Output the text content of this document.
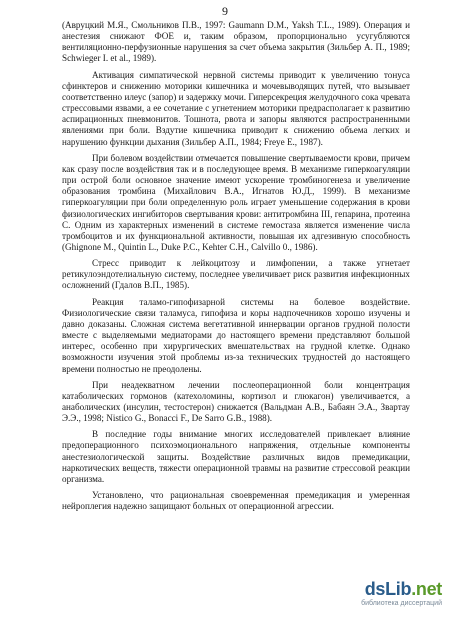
9

(Авруцкий М.Я., Смольников П.В., 1997: Gaumann D.M., Yaksh T.L., 1989). Операция и анестезия снижают ФОЕ и, таким образом, пропорционально усугубляются вентиляционно-перфузионные нарушения за счет объема закрытия (Зильбер А. П., 1989; Schwieger I. et al., 1989).

Активация симпатической нервной системы приводит к увеличению тонуса сфинктеров и снижению моторики кишечника и мочевыводящих путей, что вызывает соответственно илеус (запор) и задержку мочи. Гиперсекреция желудочного сока чревата стрессовыми язвами, а ее сочетание с угнетением моторики предрасполагает к развитию аспирационных пневмонитов. Тошнота, рвота и запоры являются распространенными явлениями при боли. Вздутие кишечника приводит к снижению объема легких и нарушению функции дыхания (Зильбер А.П., 1984; Freye E., 1987).

При болевом воздействии отмечается повышение свертываемости крови, причем как сразу после воздействия так и в последующее время. В механизме гиперкоагуляции при острой боли основное значение имеют ускорение тромбиногенеза и увеличение образования тромбина (Михайлович В.А., Игнатов Ю.Д., 1999). В механизме гиперкоагуляции при боли определенную роль играет уменьшение содержания в крови физиологических ингибиторов свертывания крови: антитромбина III, гепарина, протеина С. Одним из характерных изменений в системе гемостаза является изменение числа тромбоцитов и их функциональной активности, повышая их адгезивную способность (Ghignone M., Quintin L., Duke P.C., Kehter C.H., Calvillo 0., 1986).

Стресс приводит к лейкоцитозу и лимфопении, а также угнетает ретикулоэндотелиальную систему, последнее увеличивает риск развития инфекционных осложнений (Гдалов В.П., 1985).

Реакция таламо-гипофизарной системы на болевое воздействие. Физиологические связи таламуса, гипофиза и коры надпочечников хорошо изучены и давно доказаны. Сложная система вегетативной иннервации органов грудной полости вместе с выделяемыми медиаторами до настоящего времени представляют большой интерес, особенно при хирургических вмешательствах на грудной клетке. Однако возможности изучения этой проблемы из-за технических трудностей до настоящего времени полностью не преодолены.

При неадекватном лечении послеоперационной боли концентрация катаболических гормонов (катехоломины, кортизол и глюкагон) увеличивается, а анаболических (инсулин, тестостерон) снижается (Вальдман А.В., Бабаян Э.А., Звартау Э.Э., 1998; Nistico G., Bonacci F., De Sarro G.B., 1988).

В последние годы внимание многих исследователей привлекает влияние предоперационного психоэмоционального напряжения, отдельные компоненты анестезиологической защиты. Воздействие различных видов премедикации, наркотических веществ, тяжести операционной травмы на развитие стрессовой реакции организма.

Установлено, что рациональная своевременная премедикация и умеренная нейроплегия надежно защищают больных от операционной агрессии.

dsLib.net
библиотека диссертаций
